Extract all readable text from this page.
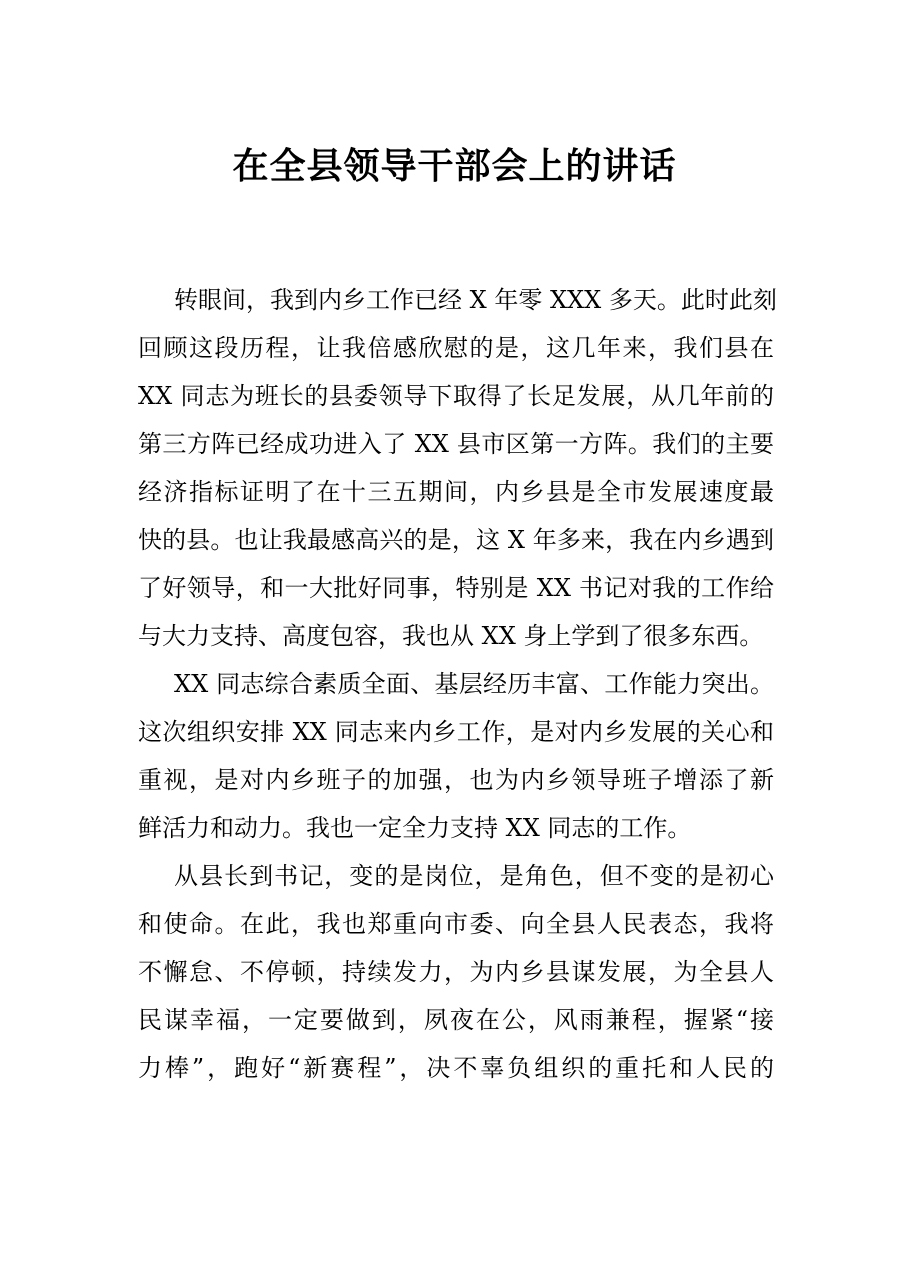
在全县领导干部会上的讲话
转眼间，我到内乡工作已经 X 年零 XXX 多天。此时此刻
回顾这段历程，让我倍感欣慰的是，这几年来，我们县在
XX 同志为班长的县委领导下取得了长足发展，从几年前的
第三方阵已经成功进入了 XX 县市区第一方阵。我们的主要
经济指标证明了在十三五期间，内乡县是全市发展速度最
快的县。也让我最感高兴的是，这 X 年多来，我在内乡遇到
了好领导，和一大批好同事，特别是 XX 书记对我的工作给
与大力支持、高度包容，我也从 XX 身上学到了很多东西。
XX 同志综合素质全面、基层经历丰富、工作能力突出。
这次组织安排 XX 同志来内乡工作，是对内乡发展的关心和
重视，是对内乡班子的加强，也为内乡领导班子增添了新
鲜活力和动力。我也一定全力支持 XX 同志的工作。
从县长到书记，变的是岗位，是角色，但不变的是初心
和使命。在此，我也郑重向市委、向全县人民表态，我将
不懈怠、不停顿，持续发力，为内乡县谋发展，为全县人
民谋幸福，一定要做到，夙夜在公，风雨兼程，握紧“接
力棒”，跑好“新赛程”，决不辜负组织的重托和人民的
